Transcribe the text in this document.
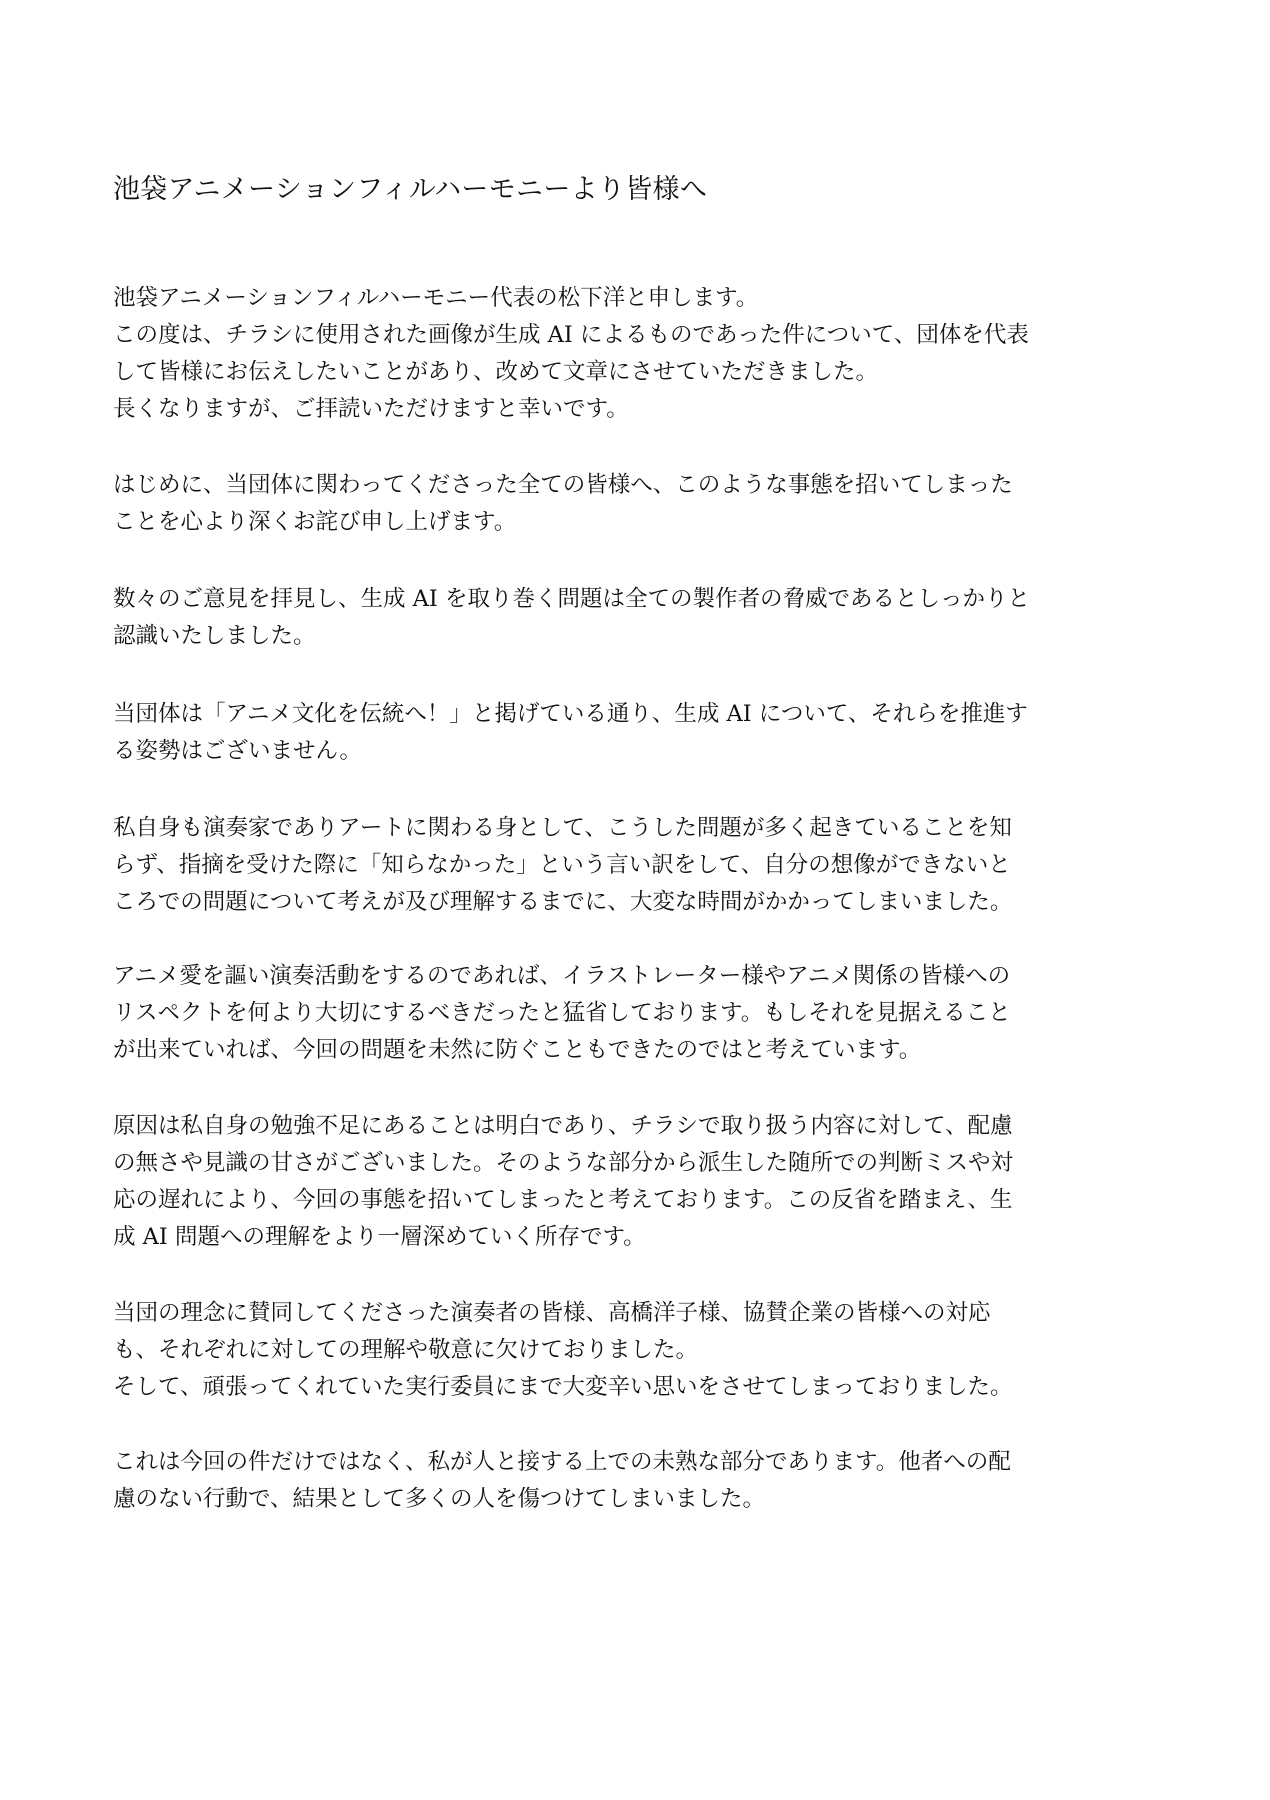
池袋アニメーションフィルハーモニーより皆様へ

池袋アニメーションフィルハーモニー代表の松下洋と申します。
この度は、チラシに使用された画像が生成 AI によるものであった件について、団体を代表
して皆様にお伝えしたいことがあり、改めて文章にさせていただきました。
長くなりますが、ご拝読いただけますと幸いです。

はじめに、当団体に関わってくださった全ての皆様へ、このような事態を招いてしまった
ことを心より深くお詫び申し上げます。

数々のご意見を拝見し、生成 AI を取り巻く問題は全ての製作者の脅威であるとしっかりと
認識いたしました。

当団体は「アニメ文化を伝統へ！」と掲げている通り、生成 AI について、それらを推進す
る姿勢はございません。

私自身も演奏家でありアートに関わる身として、こうした問題が多く起きていることを知
らず、指摘を受けた際に「知らなかった」という言い訳をして、自分の想像ができないと
ころでの問題について考えが及び理解するまでに、大変な時間がかかってしまいました。

アニメ愛を謳い演奏活動をするのであれば、イラストレーター様やアニメ関係の皆様への
リスペクトを何より大切にするべきだったと猛省しております。もしそれを見据えること
が出来ていれば、今回の問題を未然に防ぐこともできたのではと考えています。

原因は私自身の勉強不足にあることは明白であり、チラシで取り扱う内容に対して、配慮
の無さや見識の甘さがございました。そのような部分から派生した随所での判断ミスや対
応の遅れにより、今回の事態を招いてしまったと考えております。この反省を踏まえ、生
成 AI 問題への理解をより一層深めていく所存です。

当団の理念に賛同してくださった演奏者の皆様、高橋洋子様、協賛企業の皆様への対応
も、それぞれに対しての理解や敬意に欠けておりました。
そして、頑張ってくれていた実行委員にまで大変辛い思いをさせてしまっておりました。

これは今回の件だけではなく、私が人と接する上での未熟な部分であります。他者への配
慮のない行動で、結果として多くの人を傷つけてしまいました。
